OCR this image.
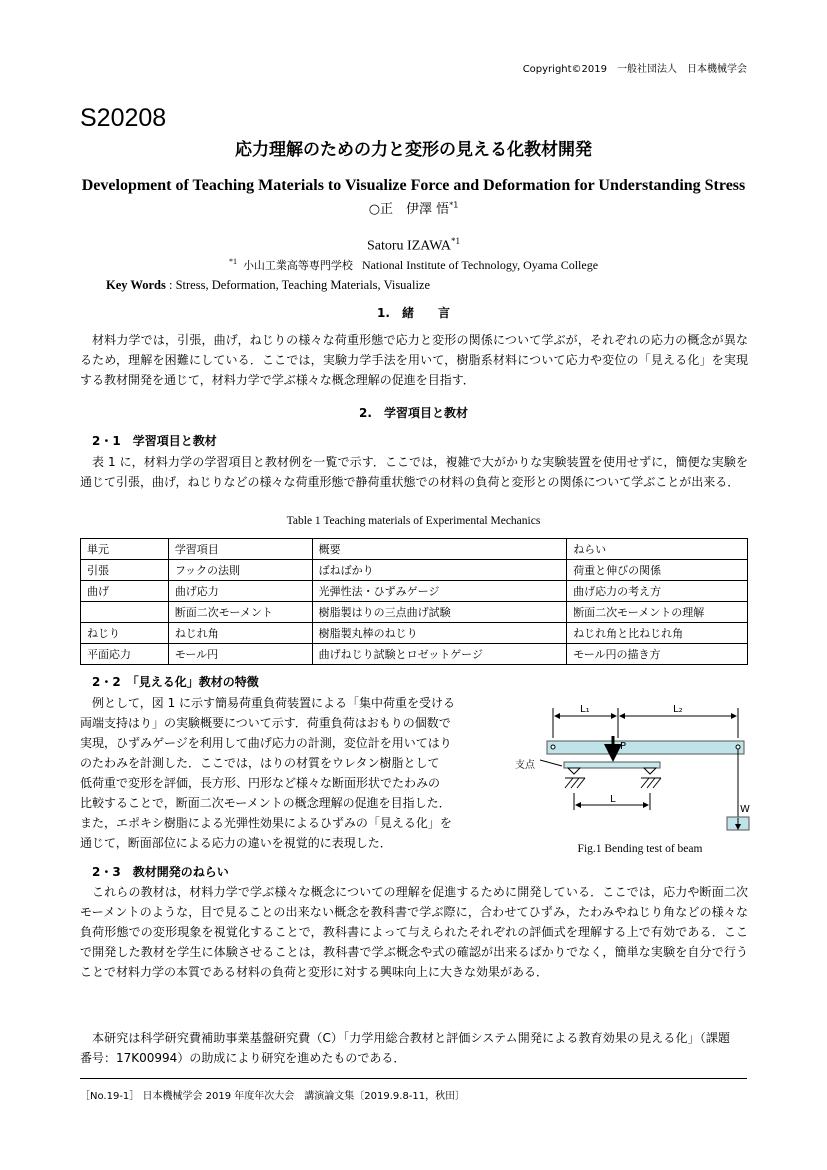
Copyright©2019　一般社団法人　日本機械学会
S20208
応力理解のための力と変形の見える化教材開発
Development of Teaching Materials to Visualize Force and Deformation for Understanding Stress
○正　伊澤 悟$^{*1}$
Satoru IZAWA$^{*1}$
$^{*1}$ 小山工業高等専門学校 National Institute of Technology, Oyama College
Key Words : Stress, Deformation, Teaching Materials, Visualize
1.　緒　　言

材料力学では，引張，曲げ，ねじりの様々な荷重形態で応力と変形の関係について学ぶが，それぞれの応力の概念が異なるため，理解を困難にしている．ここでは，実験力学手法を用いて，樹脂系材料について応力や変位の「見える化」を実現する教材開発を通じて，材料力学で学ぶ様々な概念理解の促進を目指す．

2.　学習項目と教材
2・1　学習項目と教材

表 1 に，材料力学の学習項目と教材例を一覧で示す．ここでは，複雑で大がかりな実験装置を使用せずに，簡便な実験を通じて引張，曲げ，ねじりなどの様々な荷重形態で静荷重状態での材料の負荷と変形との関係について学ぶことが出来る．

Table 1 Teaching materials of Experimental Mechanics
単元	学習項目	概要	ねらい
引張	フックの法則	ばねばかり	荷重と伸びの関係
曲げ	曲げ応力	光弾性法・ひずみゲージ	曲げ応力の考え方
	断面二次モーメント	樹脂製はりの三点曲げ試験	断面二次モーメントの理解
ねじり	ねじれ角	樹脂製丸棒のねじり	ねじれ角と比ねじれ角
平面応力	モール円	曲げねじり試験とロゼットゲージ	モール円の描き方
2・2　「見える化」教材の特徴

例として，図 1 に示す簡易荷重負荷装置による「集中荷重を受ける

両端支持はり」の実験概要について示す．荷重負荷はおもりの個数で

実現，ひずみゲージを利用して曲げ応力の計測，変位計を用いてはり

のたわみを計測した．ここでは，はりの材質をウレタン樹脂として

低荷重で変形を評価，長方形、円形など様々な断面形状でたわみの

比較することで，断面二次モーメントの概念理解の促進を目指した．

また，エポキシ樹脂による光弾性効果によるひずみの「見える化」を

通じて，断面部位による応力の違いを視覚的に表現した．

L₁	L₂
P
支点
L
W
Fig.1 Bending test of beam
2・3　教材開発のねらい

これらの教材は，材料力学で学ぶ様々な概念についての理解を促進するために開発している．ここでは，応力や断面二次モーメントのような，目で見ることの出来ない概念を教科書で学ぶ際に，合わせてひずみ，たわみやねじり角などの様々な負荷形態での変形現象を視覚化することで，教科書によって与えられたそれぞれの評価式を理解する上で有効である．ここで開発した教材を学生に体験させることは，教科書で学ぶ概念や式の確認が出来るばかりでなく，簡単な実験を自分で行うことで材料力学の本質である材料の負荷と変形に対する興味向上に大きな効果がある．

本研究は科学研究費補助事業基盤研究費（C）「力学用総合教材と評価システム開発による教育効果の見える化」（課題番号：17K00994）の助成により研究を進めたものである．

［No.19-1］ 日本機械学会 2019 年度年次大会　講演論文集〔2019.9.8-11，秋田〕
